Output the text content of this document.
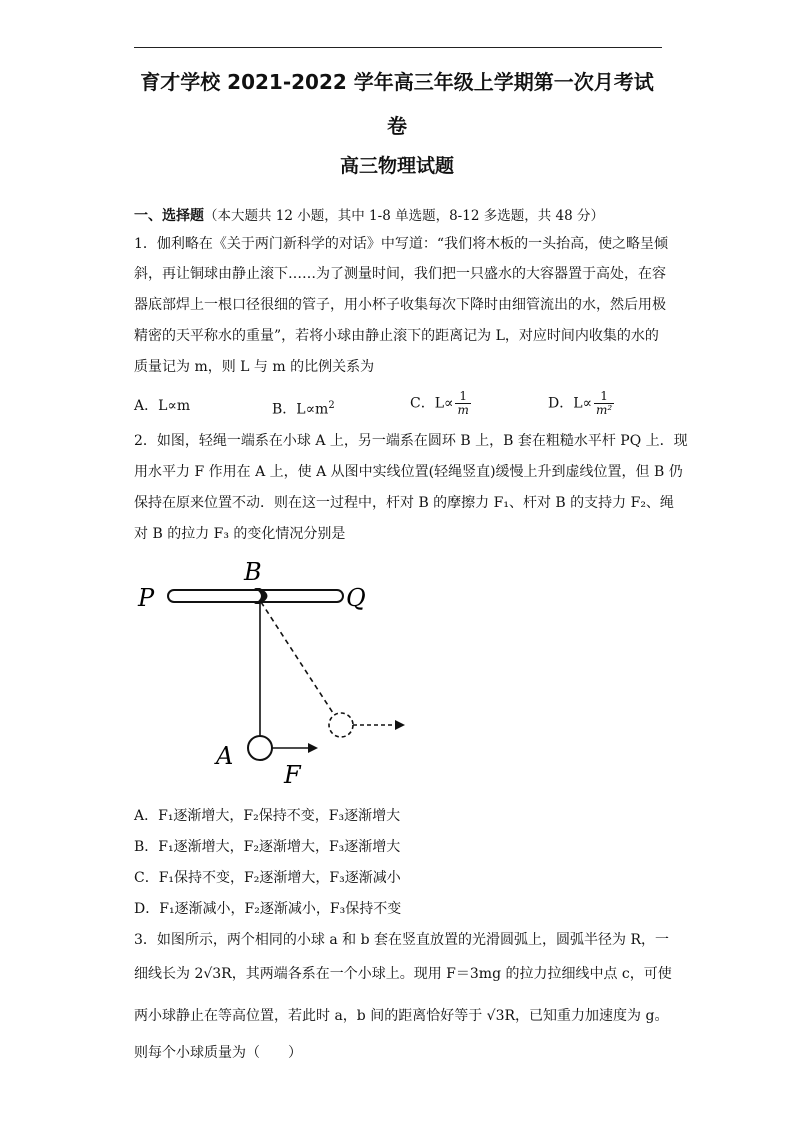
育才学校 2021-2022 学年高三年级上学期第一次月考试
卷
高三物理试题
一、选择题（本大题共 12 小题，其中 1-8 单选题，8-12 多选题，共 48 分）
1．伽利略在《关于两门新科学的对话》中写道：“我们将木板的一头抬高，使之略呈倾
斜，再让铜球由静止滚下……为了测量时间，我们把一只盛水的大容器置于高处，在容
器底部焊上一根口径很细的管子，用小杯子收集每次下降时由细管流出的水，然后用极
精密的天平称水的重量”，若将小球由静止滚下的距离记为 L，对应时间内收集的水的
质量记为 m，则 L 与 m 的比例关系为
A．L∝m	B．$L\propto m^2$	C．$L\propto \frac{1}{m}$	D．$L\propto \frac{1}{\text{m²}}$
2．如图，轻绳一端系在小球 A 上，另一端系在圆环 B 上，B 套在粗糙水平杆 PQ 上．现
用水平力 F 作用在 A 上，使 A 从图中实线位置(轻绳竖直)缓慢上升到虚线位置，但 B 仍
保持在原来位置不动．则在这一过程中，杆对 B 的摩擦力 F₁、杆对 B 的支持力 F₂、绳
对 B 的拉力 F₃ 的变化情况分别是
P
B
Q
A
F
A．F₁逐渐增大，F₂保持不变，F₃逐渐增大
B．F₁逐渐增大，F₂逐渐增大，F₃逐渐增大
C．F₁保持不变，F₂逐渐增大，F₃逐渐减小
D．F₁逐渐减小，F₂逐渐减小，F₃保持不变
3．如图所示，两个相同的小球 a 和 b 套在竖直放置的光滑圆弧上，圆弧半径为 R，一
细线长为 2√3R，其两端各系在一个小球上。现用 F＝3mg 的拉力拉细线中点 c，可使
两小球静止在等高位置，若此时 a，b 间的距离恰好等于 √3R，已知重力加速度为 g。
则每个小球质量为（　　）
